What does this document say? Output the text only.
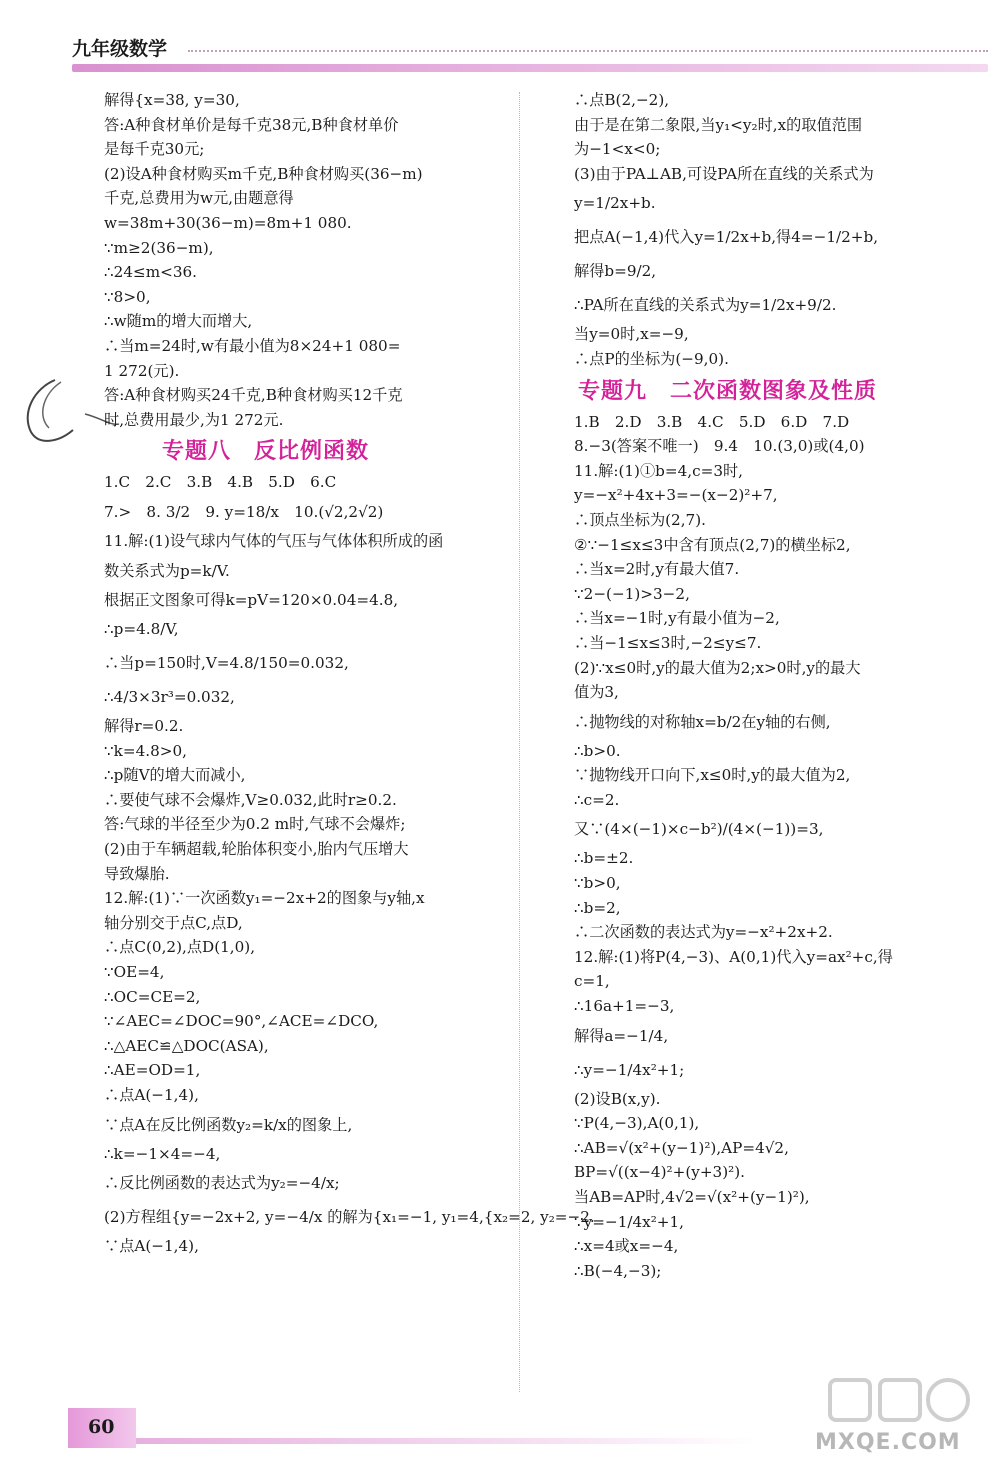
九年级数学
解得{x=38, y=30,
答:A种食材单价是每千克38元,B种食材单价
是每千克30元;
(2)设A种食材购买m千克,B种食材购买(36−m)
千克,总费用为w元,由题意得
w=38m+30(36−m)=8m+1 080.
∵m≥2(36−m),
∴24≤m<36.
∵8>0,
∴w随m的增大而增大,
∴当m=24时,w有最小值为8×24+1 080=
1 272(元).
答:A种食材购买24千克,B种食材购买12千克
时,总费用最少,为1 272元.
专题八　反比例函数
1.C　2.C　3.B　4.B　5.D　6.C
7.>　8. 3/2　9. y=18/x　10.(√2,2√2)
11.解:(1)设气球内气体的气压与气体体积所成的函
数关系式为p=k/V.
根据正文图象可得k=pV=120×0.04=4.8,
∴p=4.8/V,
∴当p=150时,V=4.8/150=0.032,
∴4/3×3r³=0.032,
解得r=0.2.
∵k=4.8>0,
∴p随V的增大而减小,
∴要使气球不会爆炸,V≥0.032,此时r≥0.2.
答:气球的半径至少为0.2 m时,气球不会爆炸;
(2)由于车辆超载,轮胎体积变小,胎内气压增大
导致爆胎.
12.解:(1)∵一次函数y₁=−2x+2的图象与y轴,x
轴分别交于点C,点D,
∴点C(0,2),点D(1,0),
∵OE=4,
∴OC=CE=2,
∵∠AEC=∠DOC=90°,∠ACE=∠DCO,
∴△AEC≌△DOC(ASA),
∴AE=OD=1,
∴点A(−1,4),
∵点A在反比例函数y₂=k/x的图象上,
∴k=−1×4=−4,
∴反比例函数的表达式为y₂=−4/x;
(2)方程组{y=−2x+2, y=−4/x 的解为{x₁=−1, y₁=4,{x₂=2, y₂=−2.
∵点A(−1,4),
∴点B(2,−2),
由于是在第二象限,当y₁<y₂时,x的取值范围
为−1<x<0;
(3)由于PA⊥AB,可设PA所在直线的关系式为
y=1/2x+b.
把点A(−1,4)代入y=1/2x+b,得4=−1/2+b,
解得b=9/2,
∴PA所在直线的关系式为y=1/2x+9/2.
当y=0时,x=−9,
∴点P的坐标为(−9,0).
专题九　二次函数图象及性质
1.B　2.D　3.B　4.C　5.D　6.D　7.D
8.−3(答案不唯一)　9.4　10.(3,0)或(4,0)
11.解:(1)①b=4,c=3时,
y=−x²+4x+3=−(x−2)²+7,
∴顶点坐标为(2,7).
②∵−1≤x≤3中含有顶点(2,7)的横坐标2,
∴当x=2时,y有最大值7.
∵2−(−1)>3−2,
∴当x=−1时,y有最小值为−2,
∴当−1≤x≤3时,−2≤y≤7.
(2)∵x≤0时,y的最大值为2;x>0时,y的最大
值为3,
∴抛物线的对称轴x=b/2在y轴的右侧,
∴b>0.
∵抛物线开口向下,x≤0时,y的最大值为2,
∴c=2.
又∵(4×(−1)×c−b²)/(4×(−1))=3,
∴b=±2.
∵b>0,
∴b=2,
∴二次函数的表达式为y=−x²+2x+2.
12.解:(1)将P(4,−3)、A(0,1)代入y=ax²+c,得
c=1,
∴16a+1=−3,
解得a=−1/4,
∴y=−1/4x²+1;
(2)设B(x,y).
∵P(4,−3),A(0,1),
∴AB=√(x²+(y−1)²),AP=4√2,
BP=√((x−4)²+(y+3)²).
当AB=AP时,4√2=√(x²+(y−1)²),
∵y=−1/4x²+1,
∴x=4或x=−4,
∴B(−4,−3);
60
MXQE.COM
